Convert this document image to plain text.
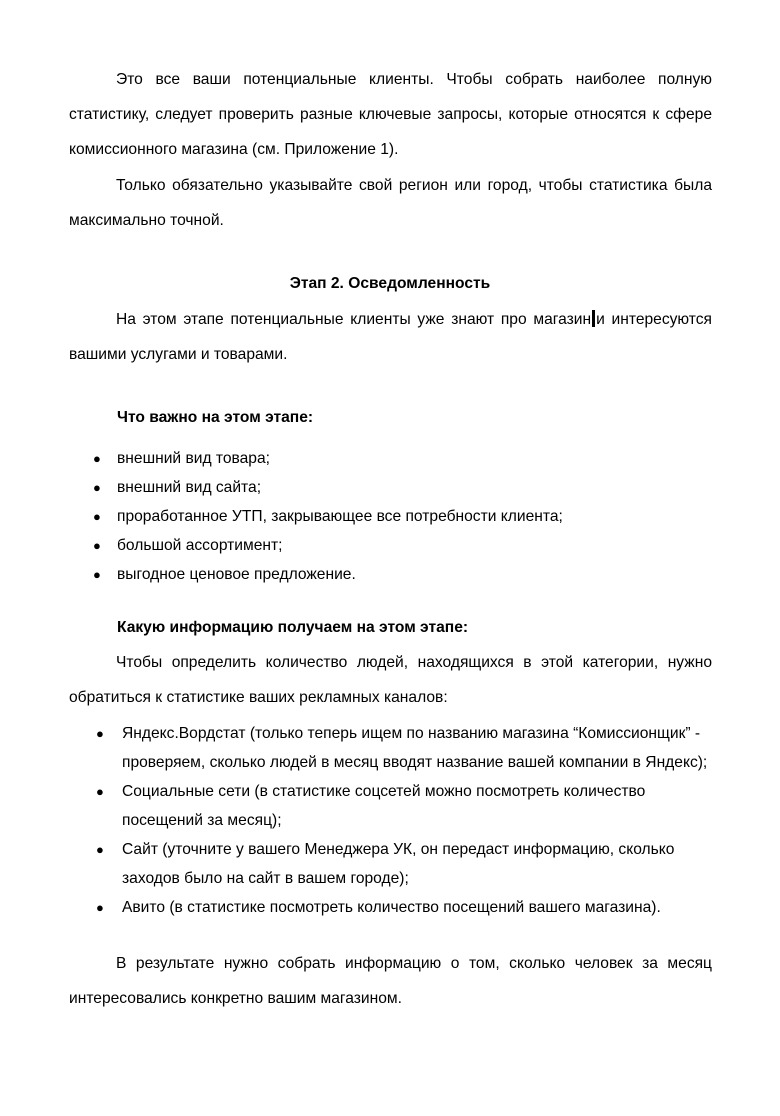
Это все ваши потенциальные клиенты. Чтобы собрать наиболее полную статистику, следует проверить разные ключевые запросы, которые относятся к сфере комиссионного магазина (см. Приложение 1).

Только обязательно указывайте свой регион или город, чтобы статистика была максимально точной.

Этап 2. Осведомленность

На этом этапе потенциальные клиенты уже знают про магазин и интересуются вашими услугами и товарами.

Что важно на этом этапе:

● внешний вид товара;
● внешний вид сайта;
● проработанное УТП, закрывающее все потребности клиента;
● большой ассортимент;
● выгодное ценовое предложение.

Какую информацию получаем на этом этапе:

Чтобы определить количество людей, находящихся в этой категории, нужно обратиться к статистике ваших рекламных каналов:

● Яндекс.Вордстат (только теперь ищем по названию магазина “Комиссионщик” - проверяем, сколько людей в месяц вводят название вашей компании в Яндекс);
● Социальные сети (в статистике соцсетей можно посмотреть количество посещений за месяц);
● Сайт (уточните у вашего Менеджера УК, он передаст информацию, сколько заходов было на сайт в вашем городе);
● Авито (в статистике посмотреть количество посещений вашего магазина).

В результате нужно собрать информацию о том, сколько человек за месяц интересовались конкретно вашим магазином.
